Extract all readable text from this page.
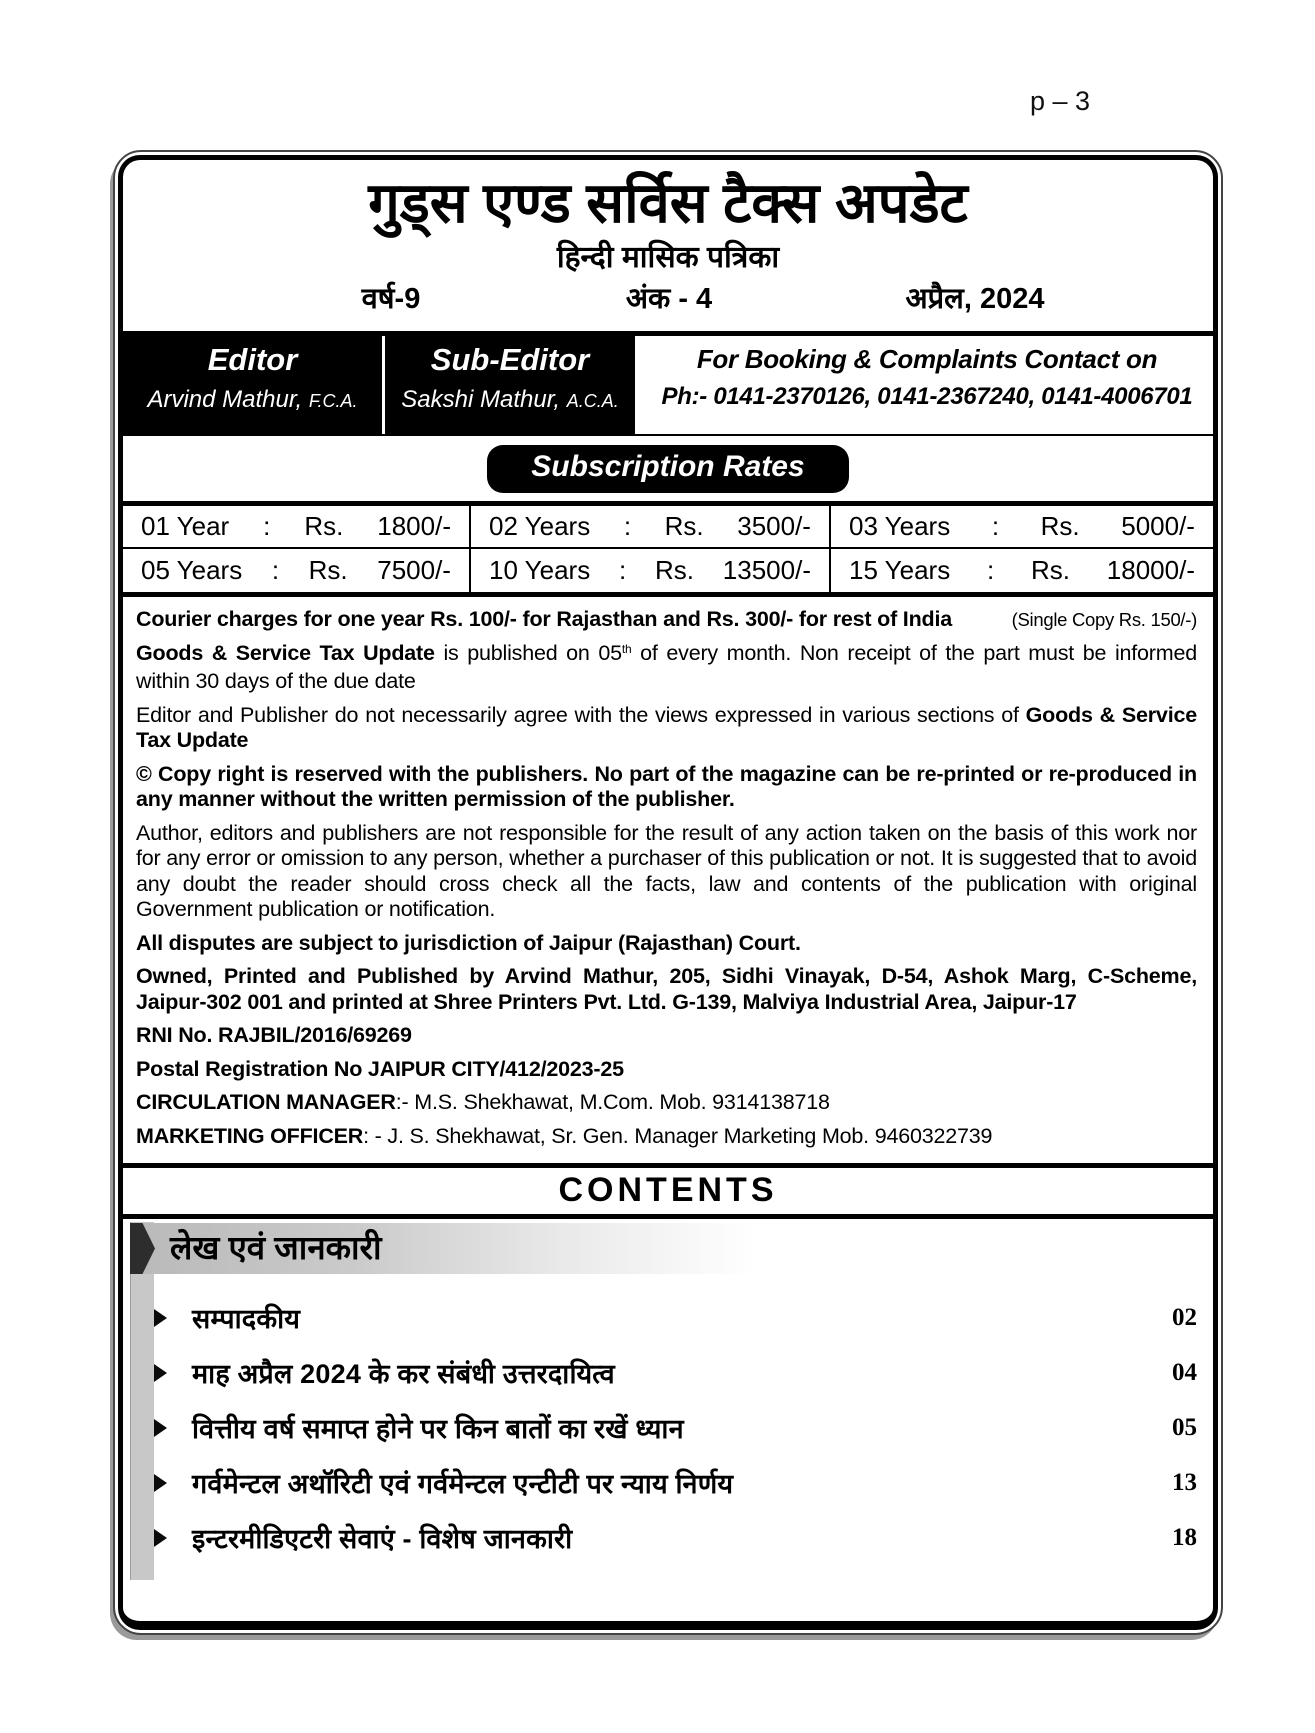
p – 3
गुड्स एण्ड सर्विस टैक्स अपडेट
हिन्दी मासिक पत्रिका
वर्ष-9	अंक - 4	अप्रैल, 2024
Editor
Arvind Mathur, F.C.A.
Sub-Editor
Sakshi Mathur, A.C.A.
For Booking & Complaints Contact on
Ph:- 0141-2370126, 0141-2367240, 0141-4006701
Subscription Rates
01 Year : Rs. 1800/- 02 Years : Rs. 3500/- 03 Years : Rs. 5000/-
05 Years : Rs. 7500/- 10 Years : Rs. 13500/- 15 Years : Rs. 18000/-

Courier charges for one year Rs. 100/- for Rajasthan and Rs. 300/- for rest of India	(Single Copy Rs. 150/-)

Goods & Service Tax Update is published on 05th of every month. Non receipt of the part must be informed within 30 days of the due date

Editor and Publisher do not necessarily agree with the views expressed in various sections of Goods & Service Tax Update

© Copy right is reserved with the publishers. No part of the magazine can be re-printed or re-produced in any manner without the written permission of the publisher.

Author, editors and publishers are not responsible for the result of any action taken on the basis of this work nor for any error or omission to any person, whether a purchaser of this publication or not. It is suggested that to avoid any doubt the reader should cross check all the facts, law and contents of the publication with original Government publication or notification.

All disputes are subject to jurisdiction of Jaipur (Rajasthan) Court.

Owned, Printed and Published by Arvind Mathur, 205, Sidhi Vinayak, D-54, Ashok Marg, C-Scheme, Jaipur-302 001 and printed at Shree Printers Pvt. Ltd. G-139, Malviya Industrial Area, Jaipur-17

RNI No. RAJBIL/2016/69269

Postal Registration No JAIPUR CITY/412/2023-25

CIRCULATION MANAGER:- M.S. Shekhawat, M.Com. Mob. 9314138718

MARKETING OFFICER: - J. S. Shekhawat, Sr. Gen. Manager Marketing Mob. 9460322739

CONTENTS
लेख एवं जानकारी
सम्पादकीय	02
माह अप्रैल 2024 के कर संबंधी उत्तरदायित्व	04
वित्तीय वर्ष समाप्त होने पर किन बातों का रखें ध्यान	05
गर्वमेन्टल अथॉरिटी एवं गर्वमेन्टल एन्टीटी पर न्याय निर्णय	13
इन्टरमीडिएटरी सेवाएं - विशेष जानकारी	18
